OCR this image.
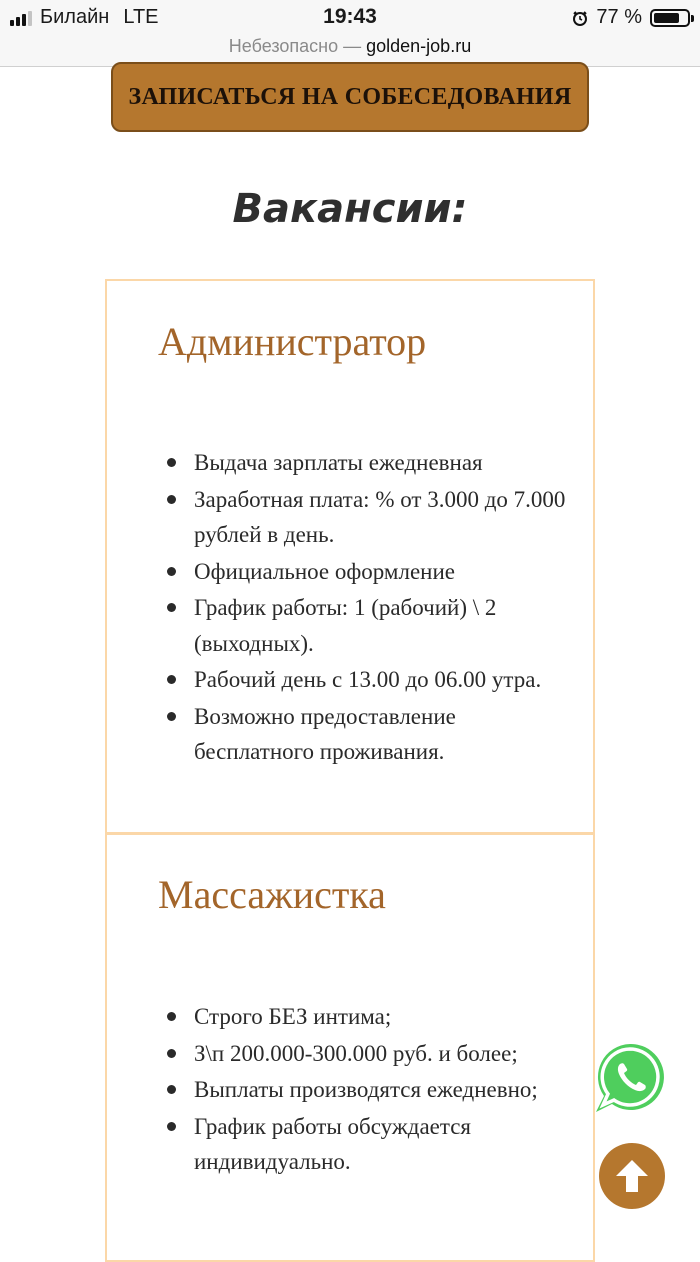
Билайн LTE	19:43	77 %
Небезопасно — golden-job.ru
ЗАПИСАТЬСЯ НА СОБЕСЕДОВАНИЯ
Вакансии:
Администратор
Выдача зарплаты ежедневная
Заработная плата: % от 3.000 до 7.000 рублей в день.
Официальное оформление
График работы: 1 (рабочий) \ 2 (выходных).
Рабочий день с 13.00 до 06.00 утра.
Возможно предоставление бесплатного проживания.
Массажистка
Строго БЕЗ интима;
З\п 200.000-300.000 руб. и более;
Выплаты производятся ежедневно;
График работы обсуждается индивидуально.
